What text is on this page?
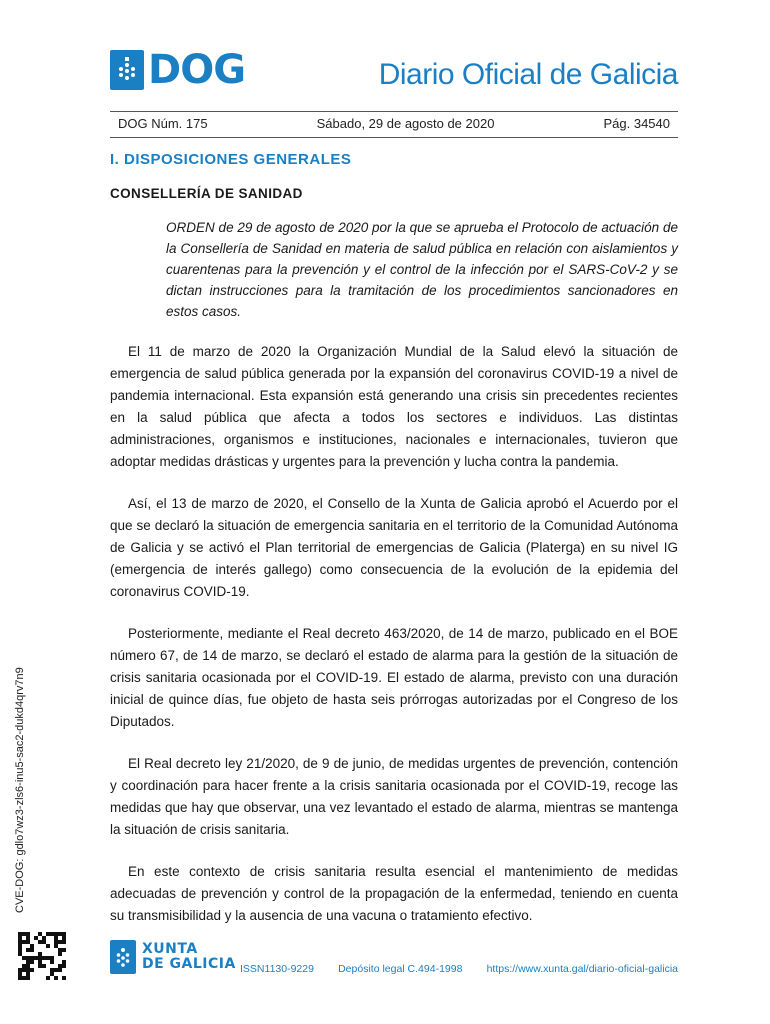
DOG	Diario Oficial de Galicia
DOG Núm. 175	Sábado, 29 de agosto de 2020	Pág. 34540
I. DISPOSICIONES GENERALES
CONSELLERÍA DE SANIDAD
ORDEN de 29 de agosto de 2020 por la que se aprueba el Protocolo de actuación de la Consellería de Sanidad en materia de salud pública en relación con aislamientos y cuarentenas para la prevención y el control de la infección por el SARS-CoV-2 y se dictan instrucciones para la tramitación de los procedimientos sancionadores en estos casos.

El 11 de marzo de 2020 la Organización Mundial de la Salud elevó la situación de emergencia de salud pública generada por la expansión del coronavirus COVID-19 a nivel de pandemia internacional. Esta expansión está generando una crisis sin precedentes recientes en la salud pública que afecta a todos los sectores e individuos. Las distintas administraciones, organismos e instituciones, nacionales e internacionales, tuvieron que adoptar medidas drásticas y urgentes para la prevención y lucha contra la pandemia.

Así, el 13 de marzo de 2020, el Consello de la Xunta de Galicia aprobó el Acuerdo por el que se declaró la situación de emergencia sanitaria en el territorio de la Comunidad Autónoma de Galicia y se activó el Plan territorial de emergencias de Galicia (Platerga) en su nivel IG (emergencia de interés gallego) como consecuencia de la evolución de la epidemia del coronavirus COVID-19.

Posteriormente, mediante el Real decreto 463/2020, de 14 de marzo, publicado en el BOE número 67, de 14 de marzo, se declaró el estado de alarma para la gestión de la situación de crisis sanitaria ocasionada por el COVID-19. El estado de alarma, previsto con una duración inicial de quince días, fue objeto de hasta seis prórrogas autorizadas por el Congreso de los Diputados.

El Real decreto ley 21/2020, de 9 de junio, de medidas urgentes de prevención, contención y coordinación para hacer frente a la crisis sanitaria ocasionada por el COVID-19, recoge las medidas que hay que observar, una vez levantado el estado de alarma, mientras se mantenga la situación de crisis sanitaria.

En este contexto de crisis sanitaria resulta esencial el mantenimiento de medidas adecuadas de prevención y control de la propagación de la enfermedad, teniendo en cuenta su transmisibilidad y la ausencia de una vacuna o tratamiento efectivo.

CVE-DOG: gdlo7wz3-zls6-inu5-sac2-dukd4qrv7n9
XUNTA
DE GALICIA ISSN1130-9229 Depósito legal C.494-1998 https://www.xunta.gal/diario-oficial-galicia
